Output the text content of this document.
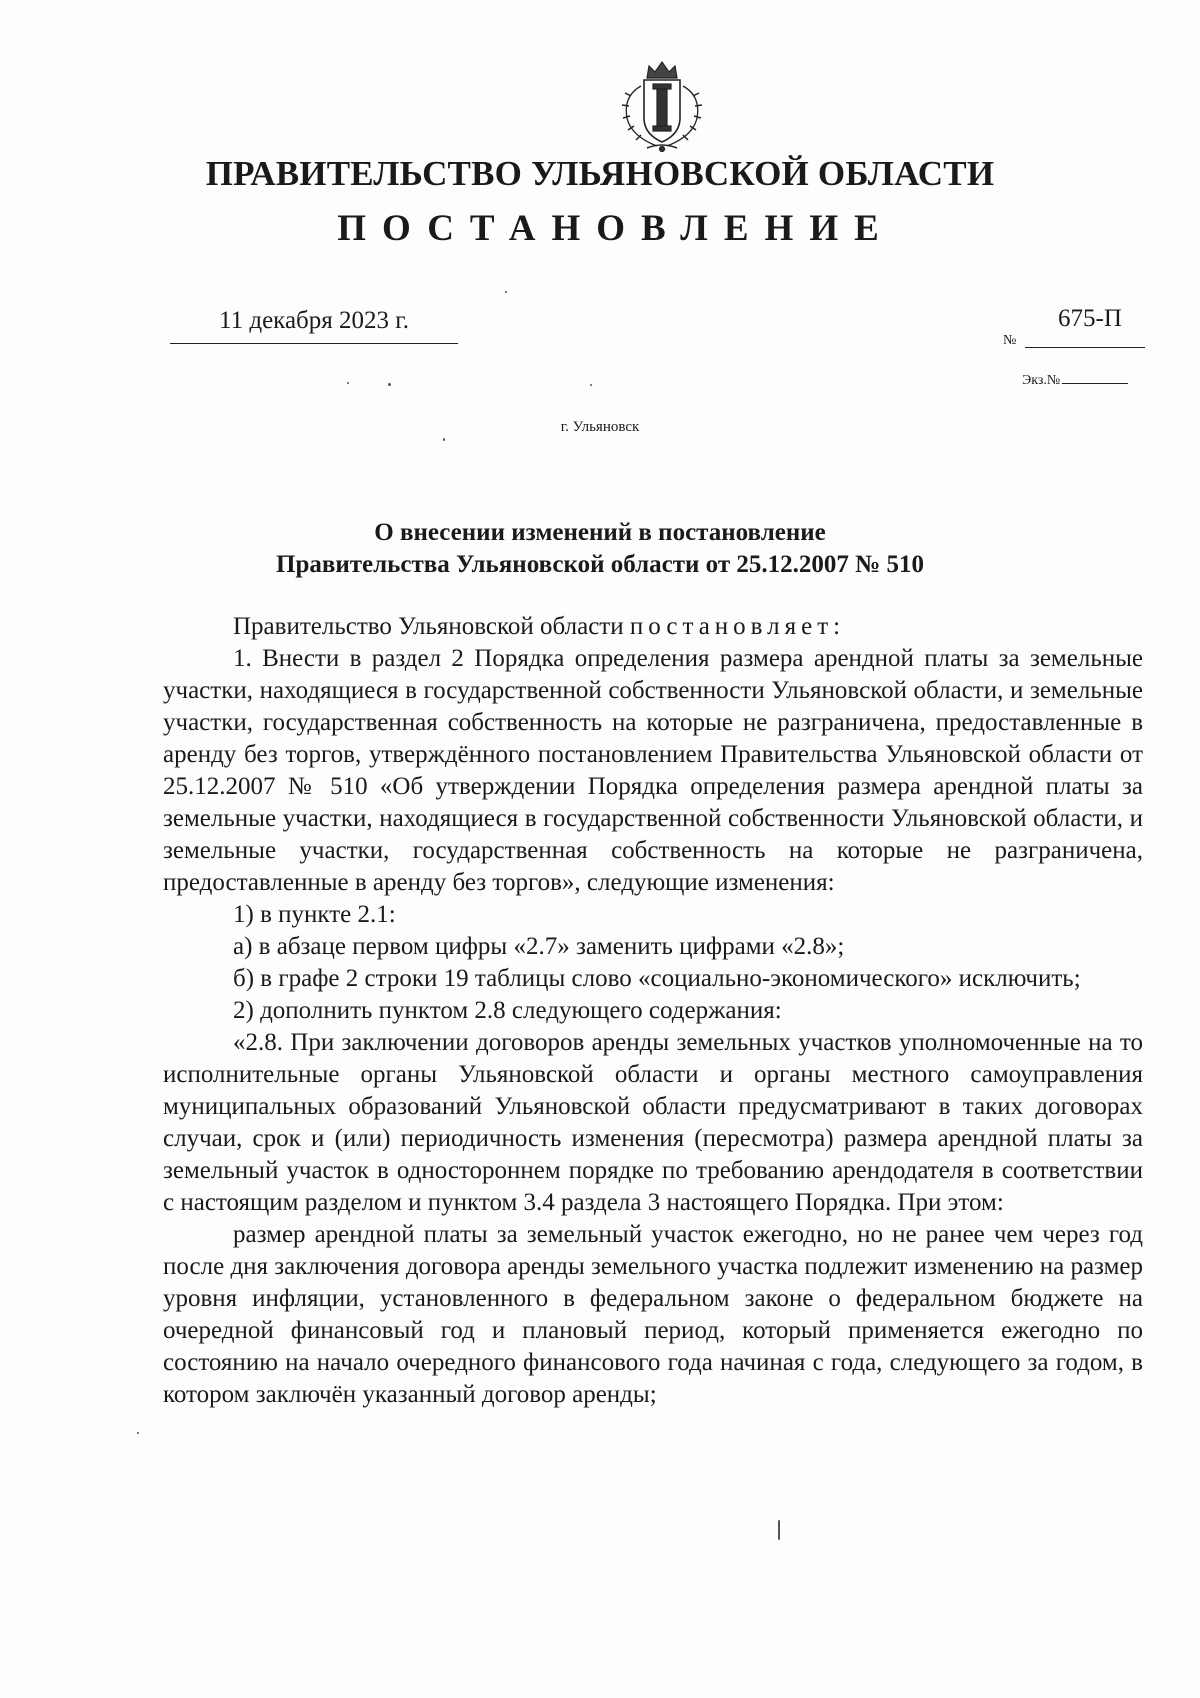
ПРАВИТЕЛЬСТВО УЛЬЯНОВСКОЙ ОБЛАСТИ
ПОСТАНОВЛЕНИЕ
11 декабря 2023 г.
№
675-П
Экз.№
г. Ульяновск
О внесении изменений в постановление
Правительства Ульяновской области от 25.12.2007 № 510

Правительство Ульяновской области постановляет:

1. Внести в раздел 2 Порядка определения размера арендной платы за земельные участки, находящиеся в государственной собственности Ульяновской области, и земельные участки, государственная собственность на которые не разграничена, предоставленные в аренду без торгов, утверждённого постановлением Правительства Ульяновской области от 25.12.2007 № 510 «Об утверждении Порядка определения размера арендной платы за земельные участки, находящиеся в государственной собственности Ульяновской области, и земельные участки, государственная собственность на которые не разграничена, предоставленные в аренду без торгов», следующие изменения:

1) в пункте 2.1:

а) в абзаце первом цифры «2.7» заменить цифрами «2.8»;

б) в графе 2 строки 19 таблицы слово «социально-экономического» исключить;

2) дополнить пунктом 2.8 следующего содержания:

«2.8. При заключении договоров аренды земельных участков уполномоченные на то исполнительные органы Ульяновской области и органы местного самоуправления муниципальных образований Ульяновской области предусматривают в таких договорах случаи, срок и (или) периодичность изменения (пересмотра) размера арендной платы за земельный участок в одностороннем порядке по требованию арендодателя в соответствии с настоящим разделом и пунктом 3.4 раздела 3 настоящего Порядка. При этом:

размер арендной платы за земельный участок ежегодно, но не ранее чем через год после дня заключения договора аренды земельного участка подлежит изменению на размер уровня инфляции, установленного в федеральном законе о федеральном бюджете на очередной финансовый год и плановый период, который применяется ежегодно по состоянию на начало очередного финансового года начиная с года, следующего за годом, в котором заключён указанный договор аренды;
